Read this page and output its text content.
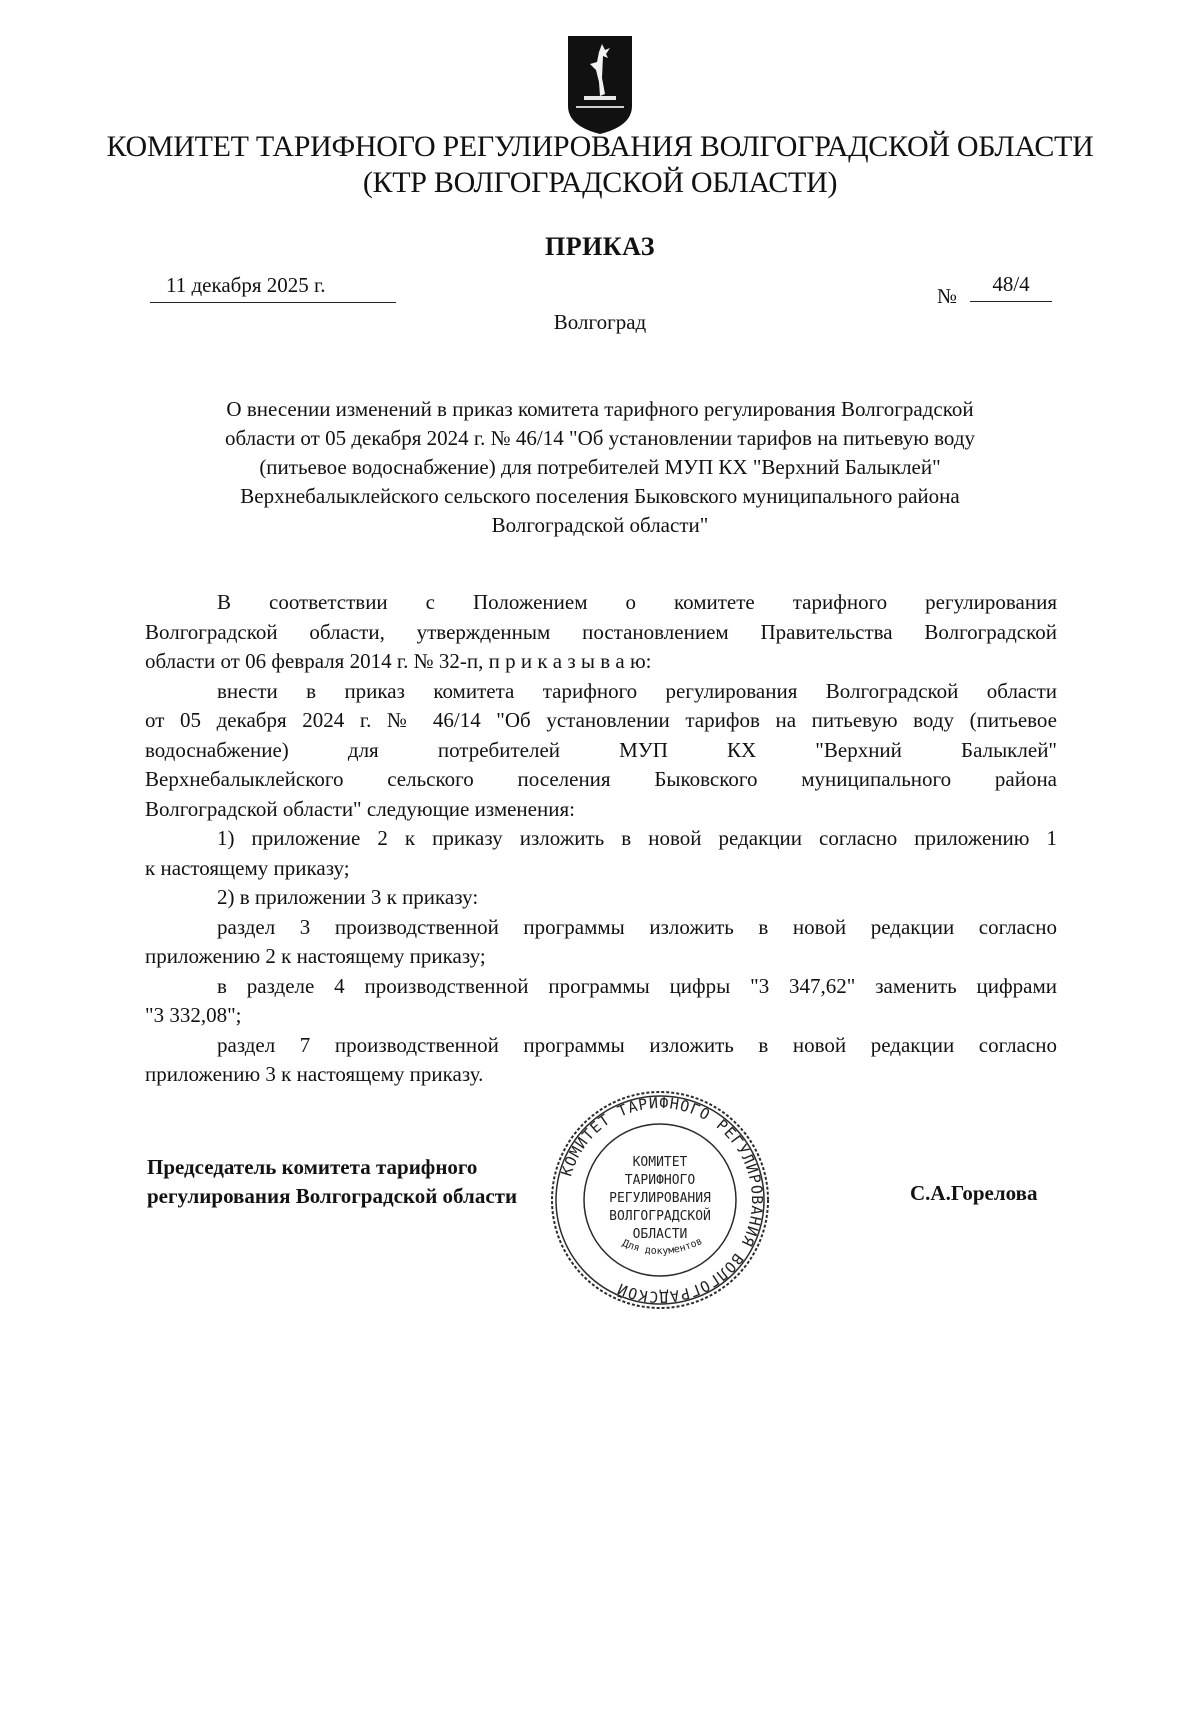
КОМИТЕТ ТАРИФНОГО РЕГУЛИРОВАНИЯ ВОЛГОГРАДСКОЙ ОБЛАСТИ
(КТР ВОЛГОГРАДСКОЙ ОБЛАСТИ)
ПРИКАЗ
11 декабря 2025 г.	№	48/4
Волгоград
О внесении изменений в приказ комитета тарифного регулирования Волгоградской
области от 05 декабря 2024 г. № 46/14 "Об установлении тарифов на питьевую воду
(питьевое водоснабжение) для потребителей МУП КХ "Верхний Балыклей"
Верхнебалыклейского сельского поселения Быковского муниципального района
Волгоградской области"
В соответствии с Положением о комитете тарифного регулирования
Волгоградской области, утвержденным постановлением Правительства Волгоградской
области от 06 февраля 2014 г. № 32-п, п р и к а з ы в а ю:
внести в приказ комитета тарифного регулирования Волгоградской области
от 05 декабря 2024 г. № 46/14 "Об установлении тарифов на питьевую воду (питьевое
водоснабжение) для потребителей МУП КХ "Верхний Балыклей"
Верхнебалыклейского сельского поселения Быковского муниципального района
Волгоградской области" следующие изменения:
1) приложение 2 к приказу изложить в новой редакции согласно приложению 1
к настоящему приказу;
2) в приложении 3 к приказу:
раздел 3 производственной программы изложить в новой редакции согласно
приложению 2 к настоящему приказу;
в разделе 4 производственной программы цифры "3 347,62" заменить цифрами
"3 332,08";
раздел 7 производственной программы изложить в новой редакции согласно
приложению 3 к настоящему приказу.
Председатель комитета тарифного
регулирования Волгоградской области	С.А.Горелова
КОМИТЕТ ТАРИФНОГО РЕГУЛИРОВАНИЯ ВОЛГОГРАДСКОЙ
КОМИТЕТ
ТАРИФНОГО
РЕГУЛИРОВАНИЯ
ВОЛГОГРАДСКОЙ
ОБЛАСТИ
Для документов
